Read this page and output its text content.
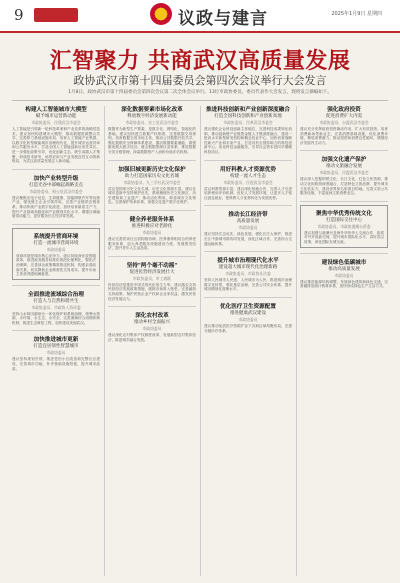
9	议政与建言	2025年1月9日 星期四
汇智聚力 共商武汉高质量发展
政协武汉市第十四届委员会第四次会议举行大会发言
1月8日，政协武汉市第十四届委员会第四次会议第二次全体会议举行。13位市政协委员、委员代表作大会发言，现将发言摘编如下。
构建人工智能城市大模型
赋予城市运营新动能
市政协委员、民建武汉市委会
人工智能是引领新一轮科技革命和产业变革的战略性技术。建议加快构建城市大模型，推动数据资源整合共享，完善算力基础设施布局，培育人工智能产业集群，以数字化转型赋能城市治理现代化，提升城市运营效率和公共服务水平，打造全国人工智能创新应用先导区。进一步强化政策引导，优化创新生态，吸引高端人才集聚，形成技术研发、场景应用与产业发展良性互动的新格局，为武汉高质量发展注入新动能。
加快产业转型升级
打造光谷中部崛起战略支点
市政协委员、致公党武汉市委会
建议聚焦光电子信息、生命健康、智能网联汽车等优势产业，强化链主企业引领作用，完善产业链供应链体系，推动传统产业数字化改造，加快培育新质生产力，提升产业基础高级化和产业链现代化水平，增强区域辐射带动能力，更好服务长江经济带发展。
系统提升营商环境
打造一流城市营商环境
市政协委员
营商环境是城市核心竞争力。建议持续深化放管服改革，推进政务服务标准化规范化便利化，强化法治保障，完善涉企政策精准推送机制，构建亲清政商关系，切实降低企业制度性交易成本，提升市场主体获得感和满意度。
全面推进流域综合治理
打造人与自然和谐共生
市政协委员、市政协人资环委
坚持山水林田湖草沙一体化保护和系统治理，统筹水资源、水环境、水生态、水安全，完善流域综合治理体制机制，推进生态修复工程，加快建设美丽武汉。
加快推进城市更新
打造宜居韧性智慧城市
市政协委员
建议坚持规划引领，推进老旧小区改造和完整社区建设，完善城市功能，补齐基础设施短板，提升城市品质。
深化数据要素市场化改革
释放数字经济发展新动能
市政协委员、农工党武汉市委会
数据作为新型生产要素，是数字化、网络化、智能化的基础。建议加快建立数据产权制度，完善数据交易规则，培育数据交易市场主体，推动公共数据开放共享，强化数据安全保障体系建设，激活数据要素潜能，做强做优做大数字经济。健全数据资源目录体系，推进数据分类分级管理，探索数据资产入表和价值评估机制。
加强旧城更新历史文化保护
助力打造国家历史文化名城
市政协委员、九三学社武汉市委会
武汉是国家历史文化名城，历史文化资源丰富。建议在城市更新中坚持保护优先，系统梳理历史文化街区、历史建筑和工业遗产，推动活化利用，彰显城市文化特色。完善保护传承体系，加强文化遗产数字化保护。
健全养老服务体系
推进积极应对老龄化
市政协委员
建议完善居家社区机构相协调、医养康养相结合的养老服务体系，加大养老服务设施建设力度，发展银发经济，提升老年人生活品质。
坚持"两个毫不动摇"
促进民营经济发展壮大
市政协委员、市工商联
民营经济是推进中国式现代化的生力军。建议落实支持民营经济发展政策措施，破除市场准入壁垒，完善融资支持政策，保护民营企业产权和企业家权益，激发民营经济发展活力。
深化农村改革
推动乡村全面振兴
市政协委员
建议深化农村集体产权制度改革，发展新型农村集体经济，推进城乡融合发展。
推进科技创新和产业创新深度融合
打造全国科技创新和产业创新高地
市政协委员、民革武汉市委会
建议强化企业科技创新主体地位，完善科技成果转化机制，推动创新链产业链资金链人才链深度融合，建设一批高水平新型研发机构和概念验证中心，加快培育战略性新兴产业和未来产业，打造具有全国影响力的科技创新中心。优化科技金融服务，引导社会资本投向早期硬科技项目。
用好科教人才资源优势
构建一流人才生态
市政协委员、民进武汉市委会
武汉科教资源丰富，建议深化校地合作，完善人才引进培养使用评价机制，优化人才发展环境，让更多人才留汉创业就业，把科教人才优势转化为发展优势。
推动长江经济带
高质量发展
市政协委员
建议坚持生态优先、绿色发展，强化长江大保护，推进长江中游城市群协同发展，深化区域合作，完善综合交通运输体系。
提升城市治理现代化水平
建设超大城市现代化治理新路
市政协委员、市政协社法委
坚持人民城市人民建、人民城市为人民，推进城市治理数字化转型，强化基层治理，完善公共安全体系，提升城市精细化管理水平。
优化医疗卫生资源配置
推进健康武汉建设
市政协委员
建议推动优质医疗资源扩容下沉和区域均衡布局，完善分级诊疗体系。
强化政府投资
促进消费扩大内需
市政协委员、台盟武汉市委会
建议充分发挥政府投资撬动作用，扩大有效投资，培育消费新场景新业态，完善消费基础设施，优化消费环境，释放消费潜力，推动投资和消费良性循环，增强经济发展内生动力。
加强文化遗产保护
推动文旅融合发展
市政协委员、民盟武汉市委会
建议深入挖掘荆楚文化、长江文化、红色文化资源，推动文化和旅游深度融合，打造特色文旅品牌，提升城市文化软实力，建设世界知名旅游目的地。完善文旅公共服务设施，丰富夜间文旅消费业态。
聚焦中华优秀传统文化
打造国际交往中心
市政协委员、市政协港澳台侨委
建议加强与港澳台及海外华侨华人交流合作，拓展对外开放新空间，提升城市国际化水平，讲好武汉故事，深化国际友城交流。
建设绿色低碳城市
推动高质量发展
市政协委员
建议推进能源结构调整，发展绿色建筑和绿色交通，完善碳排放统计核算体系，加快形成绿色生产生活方式。
